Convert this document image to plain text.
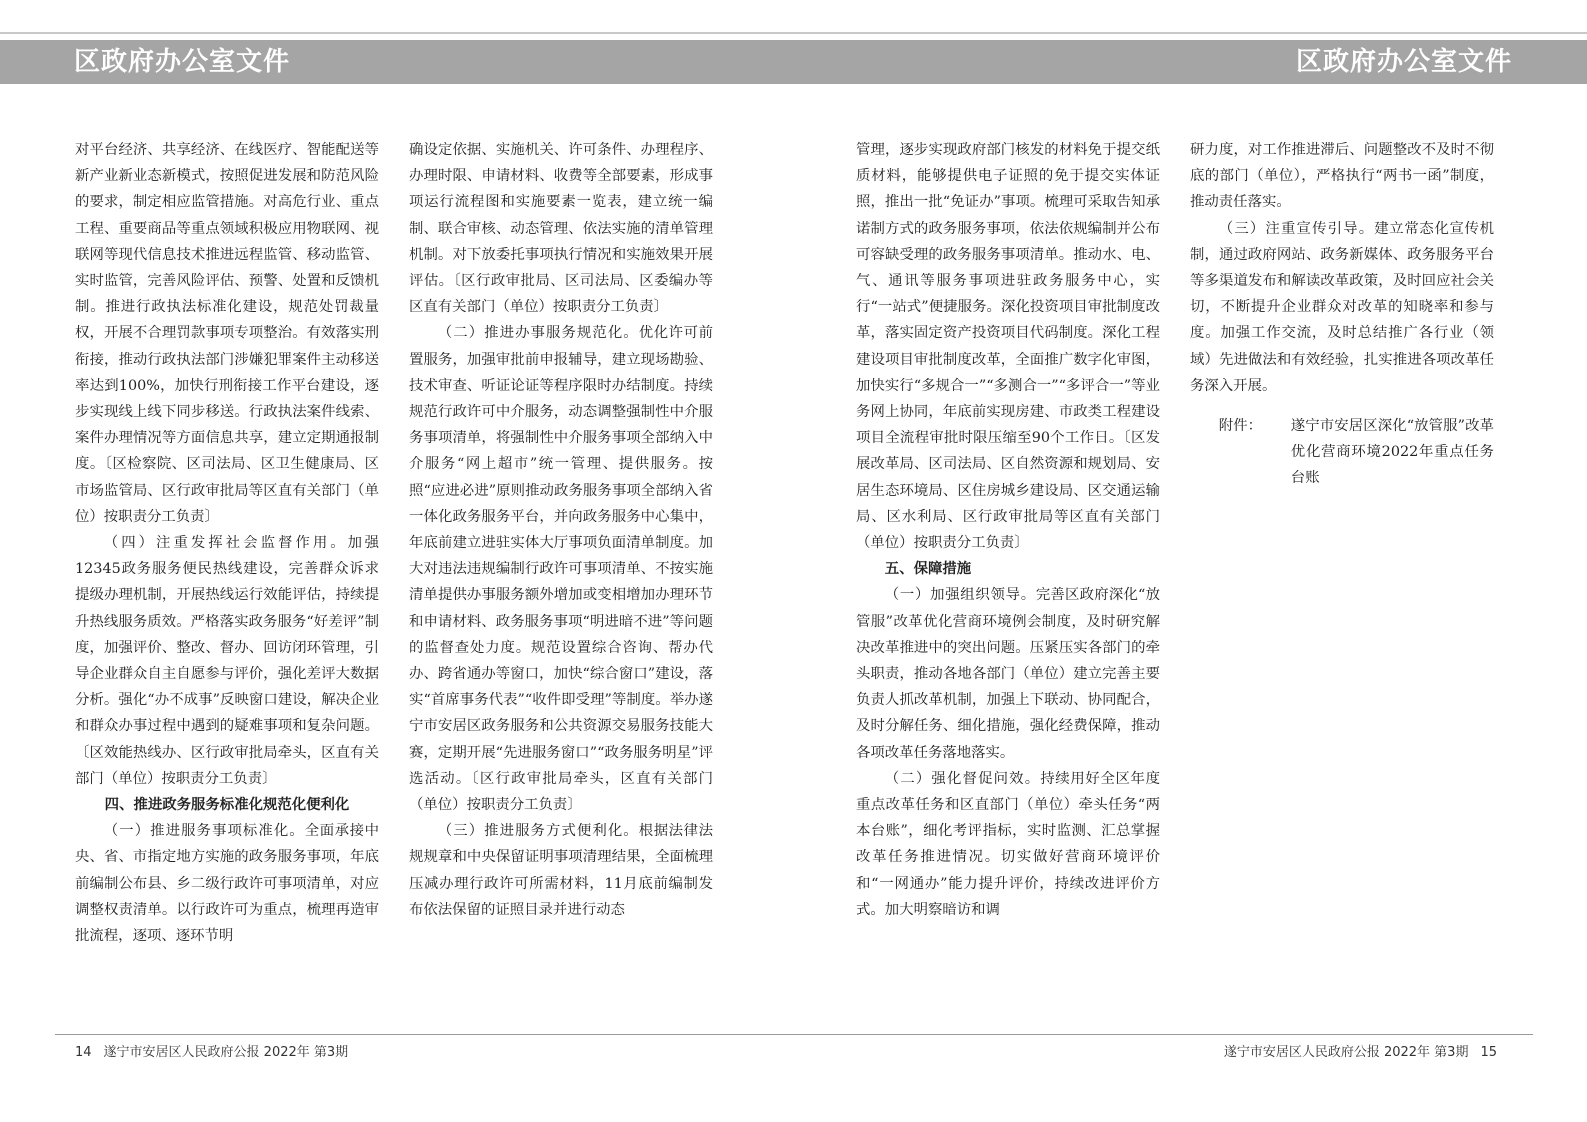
区政府办公室文件	区政府办公室文件

对平台经济、共享经济、在线医疗、智能配送等新产业新业态新模式，按照促进发展和防范风险的要求，制定相应监管措施。对高危行业、重点工程、重要商品等重点领域积极应用物联网、视联网等现代信息技术推进远程监管、移动监管、实时监管，完善风险评估、预警、处置和反馈机制。推进行政执法标准化建设，规范处罚裁量权，开展不合理罚款事项专项整治。有效落实刑衔接，推动行政执法部门涉嫌犯罪案件主动移送率达到100%，加快行刑衔接工作平台建设，逐步实现线上线下同步移送。行政执法案件线索、案件办理情况等方面信息共享，建立定期通报制度。〔区检察院、区司法局、区卫生健康局、区市场监管局、区行政审批局等区直有关部门（单位）按职责分工负责〕

（四）注重发挥社会监督作用。加强12345政务服务便民热线建设，完善群众诉求提级办理机制，开展热线运行效能评估，持续提升热线服务质效。严格落实政务服务“好差评”制度，加强评价、整改、督办、回访闭环管理，引导企业群众自主自愿参与评价，强化差评大数据分析。强化“办不成事”反映窗口建设，解决企业和群众办事过程中遇到的疑难事项和复杂问题。〔区效能热线办、区行政审批局牵头，区直有关部门（单位）按职责分工负责〕

四、推进政务服务标准化规范化便利化

（一）推进服务事项标准化。全面承接中央、省、市指定地方实施的政务服务事项，年底前编制公布县、乡二级行政许可事项清单，对应调整权责清单。以行政许可为重点，梳理再造审批流程，逐项、逐环节明

确设定依据、实施机关、许可条件、办理程序、办理时限、申请材料、收费等全部要素，形成事项运行流程图和实施要素一览表，建立统一编制、联合审核、动态管理、依法实施的清单管理机制。对下放委托事项执行情况和实施效果开展评估。〔区行政审批局、区司法局、区委编办等区直有关部门（单位）按职责分工负责〕

（二）推进办事服务规范化。优化许可前置服务，加强审批前申报辅导，建立现场勘验、技术审查、听证论证等程序限时办结制度。持续规范行政许可中介服务，动态调整强制性中介服务事项清单，将强制性中介服务事项全部纳入中介服务“网上超市”统一管理、提供服务。按照“应进必进”原则推动政务服务事项全部纳入省一体化政务服务平台，并向政务服务中心集中，年底前建立进驻实体大厅事项负面清单制度。加大对违法违规编制行政许可事项清单、不按实施清单提供办事服务额外增加或变相增加办理环节和申请材料、政务服务事项“明进暗不进”等问题的监督查处力度。规范设置综合咨询、帮办代办、跨省通办等窗口，加快“综合窗口”建设，落实“首席事务代表”“收件即受理”等制度。举办遂宁市安居区政务服务和公共资源交易服务技能大赛，定期开展“先进服务窗口”“政务服务明星”评选活动。〔区行政审批局牵头，区直有关部门（单位）按职责分工负责〕

（三）推进服务方式便利化。根据法律法规规章和中央保留证明事项清理结果，全面梳理压减办理行政许可所需材料，11月底前编制发布依法保留的证照目录并进行动态

管理，逐步实现政府部门核发的材料免于提交纸质材料，能够提供电子证照的免于提交实体证照，推出一批“免证办”事项。梳理可采取告知承诺制方式的政务服务事项，依法依规编制并公布可容缺受理的政务服务事项清单。推动水、电、气、通讯等服务事项进驻政务服务中心，实行“一站式”便捷服务。深化投资项目审批制度改革，落实固定资产投资项目代码制度。深化工程建设项目审批制度改革，全面推广数字化审图，加快实行“多规合一”“多测合一”“多评合一”等业务网上协同，年底前实现房建、市政类工程建设项目全流程审批时限压缩至90个工作日。〔区发展改革局、区司法局、区自然资源和规划局、安居生态环境局、区住房城乡建设局、区交通运输局、区水利局、区行政审批局等区直有关部门（单位）按职责分工负责〕

五、保障措施

（一）加强组织领导。完善区政府深化“放管服”改革优化营商环境例会制度，及时研究解决改革推进中的突出问题。压紧压实各部门的牵头职责，推动各地各部门（单位）建立完善主要负责人抓改革机制，加强上下联动、协同配合，及时分解任务、细化措施，强化经费保障，推动各项改革任务落地落实。

（二）强化督促问效。持续用好全区年度重点改革任务和区直部门（单位）牵头任务“两本台账”，细化考评指标，实时监测、汇总掌握改革任务推进情况。切实做好营商环境评价和“一网通办”能力提升评价，持续改进评价方式。加大明察暗访和调

研力度，对工作推进滞后、问题整改不及时不彻底的部门（单位），严格执行“两书一函”制度，推动责任落实。

（三）注重宣传引导。建立常态化宣传机制，通过政府网站、政务新媒体、政务服务平台等多渠道发布和解读改革政策，及时回应社会关切，不断提升企业群众对改革的知晓率和参与度。加强工作交流，及时总结推广各行业（领域）先进做法和有效经验，扎实推进各项改革任务深入开展。

附件：	遂宁市安居区深化“放管服”改革优化营商环境2022年重点任务台账
14 遂宁市安居区人民政府公报 2022年 第3期	遂宁市安居区人民政府公报 2022年 第3期 15
